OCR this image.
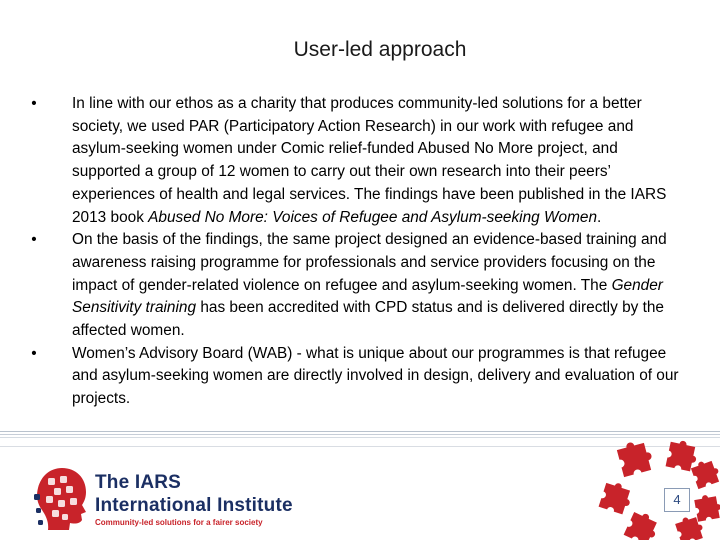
User-led approach
• In line with our ethos as a charity that produces community-led solutions for a better society, we used PAR (Participatory Action Research) in our work with refugee and asylum-seeking women under Comic relief-funded Abused No More project, and supported a group of 12 women to carry out their own research into their peers’ experiences of health and legal services. The findings have been published in the IARS 2013 book Abused No More: Voices of Refugee and Asylum-seeking Women.
• On the basis of the findings, the same project designed an evidence-based training and awareness raising programme for professionals and service providers focusing on the impact of gender-related violence on refugee and asylum-seeking women. The Gender Sensitivity training has been accredited with CPD status and is delivered directly by the affected women.
• Women’s Advisory Board (WAB) - what is unique about our programmes is that refugee and asylum-seeking women are directly involved in design, delivery and evaluation of our projects.
The IARS
International Institute
Community-led solutions for a fairer society
4
